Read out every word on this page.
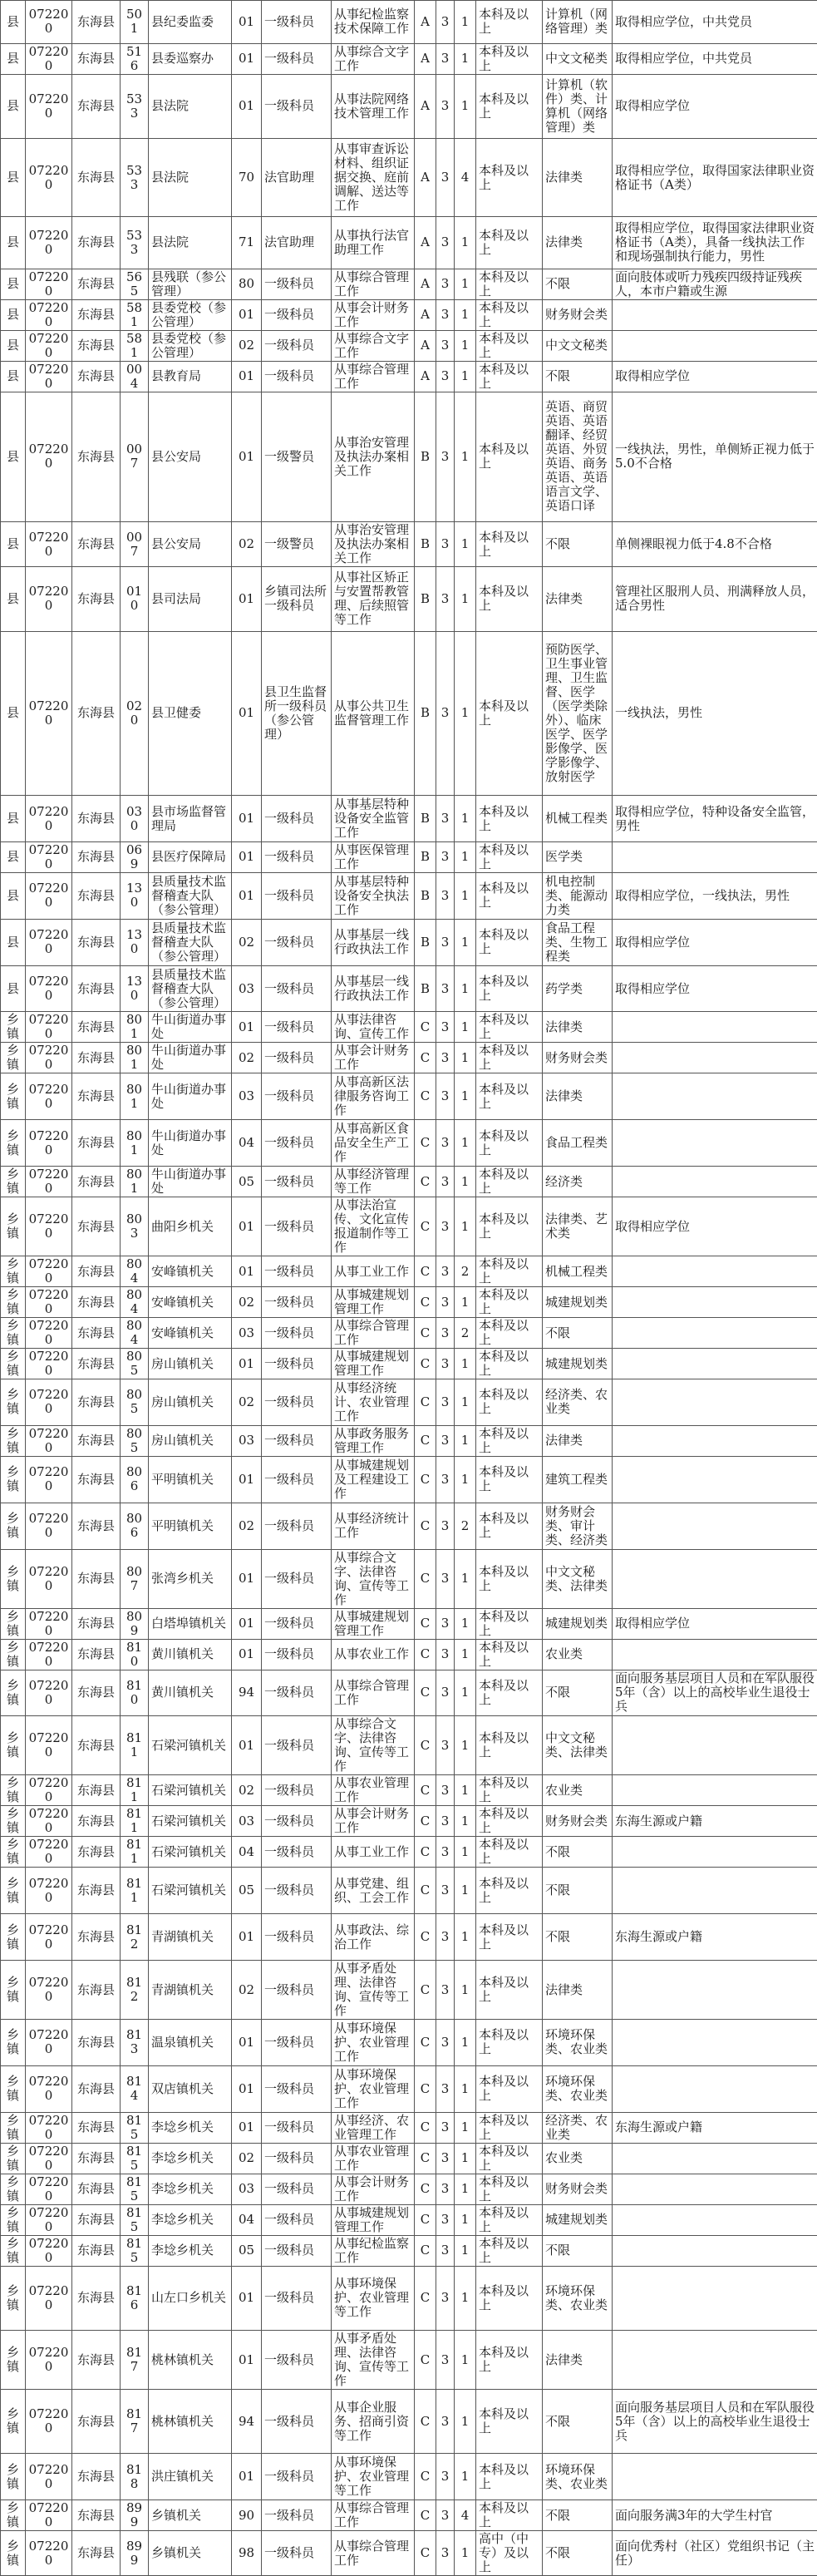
县	072200	东海县	501	县纪委监委	01	一级科员	从事纪检监察技术保障工作	A	3	1	本科及以上	计算机（网络管理）类	取得相应学位，中共党员
县	072200	东海县	516	县委巡察办	01	一级科员	从事综合文字工作	A	3	1	本科及以上	中文文秘类	取得相应学位，中共党员
县	072200	东海县	533	县法院	01	一级科员	从事法院网络技术管理工作	A	3	1	本科及以上	计算机（软件）类、计算机（网络管理）类	取得相应学位
县	072200	东海县	533	县法院	70	法官助理	从事审查诉讼材料、组织证据交换、庭前调解、送达等工作	A	3	4	本科及以上	法律类	取得相应学位，取得国家法律职业资格证书（A类）
县	072200	东海县	533	县法院	71	法官助理	从事执行法官助理工作	A	3	1	本科及以上	法律类	取得相应学位，取得国家法律职业资格证书（A类），具备一线执法工作和现场强制执行能力，男性
县	072200	东海县	565	县残联（参公管理）	80	一级科员	从事综合管理工作	A	3	1	本科及以上	不限	面向肢体或听力残疾四级持证残疾人，本市户籍或生源
县	072200	东海县	581	县委党校（参公管理）	01	一级科员	从事会计财务工作	A	3	1	本科及以上	财务财会类	
县	072200	东海县	581	县委党校（参公管理）	02	一级科员	从事综合文字工作	A	3	1	本科及以上	中文文秘类	
县	072200	东海县	004	县教育局	01	一级科员	从事综合管理工作	A	3	1	本科及以上	不限	取得相应学位
县	072200	东海县	007	县公安局	01	一级警员	从事治安管理及执法办案相关工作	B	3	1	本科及以上	英语、商贸英语、英语翻译、经贸英语、外贸英语、商务英语、英语语言文学、英语口译	一线执法，男性，单侧矫正视力低于5.0不合格
县	072200	东海县	007	县公安局	02	一级警员	从事治安管理及执法办案相关工作	B	3	1	本科及以上	不限	单侧裸眼视力低于4.8不合格
县	072200	东海县	010	县司法局	01	乡镇司法所一级科员	从事社区矫正与安置帮教管理、后续照管等工作	B	3	1	本科及以上	法律类	管理社区服刑人员、刑满释放人员，适合男性
县	072200	东海县	020	县卫健委	01	县卫生监督所一级科员（参公管理）	从事公共卫生监督管理工作	B	3	1	本科及以上	预防医学、卫生事业管理、卫生监督、医学（医学类除外）、临床医学、医学影像学、医学影像学、放射医学	一线执法，男性
县	072200	东海县	030	县市场监督管理局	01	一级科员	从事基层特种设备安全监管工作	B	3	1	本科及以上	机械工程类	取得相应学位，特种设备安全监管，男性
县	072200	东海县	069	县医疗保障局	01	一级科员	从事医保管理工作	B	3	1	本科及以上	医学类	
县	072200	东海县	130	县质量技术监督稽查大队（参公管理）	01	一级科员	从事基层特种设备安全执法工作	B	3	1	本科及以上	机电控制类、能源动力类	取得相应学位，一线执法，男性
县	072200	东海县	130	县质量技术监督稽查大队（参公管理）	02	一级科员	从事基层一线行政执法工作	B	3	1	本科及以上	食品工程类、生物工程类	取得相应学位
县	072200	东海县	130	县质量技术监督稽查大队（参公管理）	03	一级科员	从事基层一线行政执法工作	B	3	1	本科及以上	药学类	取得相应学位
乡镇	072200	东海县	801	牛山街道办事处	01	一级科员	从事法律咨询、宣传工作	C	3	1	本科及以上	法律类	
乡镇	072200	东海县	801	牛山街道办事处	02	一级科员	从事会计财务工作	C	3	1	本科及以上	财务财会类	
乡镇	072200	东海县	801	牛山街道办事处	03	一级科员	从事高新区法律服务咨询工作	C	3	1	本科及以上	法律类	
乡镇	072200	东海县	801	牛山街道办事处	04	一级科员	从事高新区食品安全生产工作	C	3	1	本科及以上	食品工程类	
乡镇	072200	东海县	801	牛山街道办事处	05	一级科员	从事经济管理等工作	C	3	1	本科及以上	经济类	
乡镇	072200	东海县	803	曲阳乡机关	01	一级科员	从事法治宣传、文化宣传报道制作等工作	C	3	1	本科及以上	法律类、艺术类	取得相应学位
乡镇	072200	东海县	804	安峰镇机关	01	一级科员	从事工业工作	C	3	2	本科及以上	机械工程类	
乡镇	072200	东海县	804	安峰镇机关	02	一级科员	从事城建规划管理工作	C	3	1	本科及以上	城建规划类	
乡镇	072200	东海县	804	安峰镇机关	03	一级科员	从事综合管理工作	C	3	2	本科及以上	不限	
乡镇	072200	东海县	805	房山镇机关	01	一级科员	从事城建规划管理工作	C	3	1	本科及以上	城建规划类	
乡镇	072200	东海县	805	房山镇机关	02	一级科员	从事经济统计、农业管理工作	C	3	1	本科及以上	经济类、农业类	
乡镇	072200	东海县	805	房山镇机关	03	一级科员	从事政务服务管理工作	C	3	1	本科及以上	法律类	
乡镇	072200	东海县	806	平明镇机关	01	一级科员	从事城建规划及工程建设工作	C	3	1	本科及以上	建筑工程类	
乡镇	072200	东海县	806	平明镇机关	02	一级科员	从事经济统计工作	C	3	2	本科及以上	财务财会类、审计类、经济类	
乡镇	072200	东海县	807	张湾乡机关	01	一级科员	从事综合文字、法律咨询、宣传等工作	C	3	1	本科及以上	中文文秘类、法律类	
乡镇	072200	东海县	809	白塔埠镇机关	01	一级科员	从事城建规划管理工作	C	3	1	本科及以上	城建规划类	取得相应学位
乡镇	072200	东海县	810	黄川镇机关	01	一级科员	从事农业工作	C	3	1	本科及以上	农业类	
乡镇	072200	东海县	810	黄川镇机关	94	一级科员	从事综合管理工作	C	3	1	本科及以上	不限	面向服务基层项目人员和在军队服役5年（含）以上的高校毕业生退役士兵
乡镇	072200	东海县	811	石梁河镇机关	01	一级科员	从事综合文字、法律咨询、宣传等工作	C	3	1	本科及以上	中文文秘类、法律类	
乡镇	072200	东海县	811	石梁河镇机关	02	一级科员	从事农业管理工作	C	3	1	本科及以上	农业类	
乡镇	072200	东海县	811	石梁河镇机关	03	一级科员	从事会计财务工作	C	3	1	本科及以上	财务财会类	东海生源或户籍
乡镇	072200	东海县	811	石梁河镇机关	04	一级科员	从事工业工作	C	3	1	本科及以上	不限	
乡镇	072200	东海县	811	石梁河镇机关	05	一级科员	从事党建、组织、工会工作	C	3	1	本科及以上	不限	
乡镇	072200	东海县	812	青湖镇机关	01	一级科员	从事政法、综治工作	C	3	1	本科及以上	不限	东海生源或户籍
乡镇	072200	东海县	812	青湖镇机关	02	一级科员	从事矛盾处理、法律咨询、宣传等工作	C	3	1	本科及以上	法律类	
乡镇	072200	东海县	813	温泉镇机关	01	一级科员	从事环境保护、农业管理工作	C	3	1	本科及以上	环境环保类、农业类	
乡镇	072200	东海县	814	双店镇机关	01	一级科员	从事环境保护、农业管理工作	C	3	1	本科及以上	环境环保类、农业类	
乡镇	072200	东海县	815	李埝乡机关	01	一级科员	从事经济、农业管理工作	C	3	1	本科及以上	经济类、农业类	东海生源或户籍
乡镇	072200	东海县	815	李埝乡机关	02	一级科员	从事农业管理工作	C	3	1	本科及以上	农业类	
乡镇	072200	东海县	815	李埝乡机关	03	一级科员	从事会计财务工作	C	3	1	本科及以上	财务财会类	
乡镇	072200	东海县	815	李埝乡机关	04	一级科员	从事城建规划管理工作	C	3	1	本科及以上	城建规划类	
乡镇	072200	东海县	815	李埝乡机关	05	一级科员	从事纪检监察工作	C	3	1	本科及以上	不限	
乡镇	072200	东海县	816	山左口乡机关	01	一级科员	从事环境保护、农业管理等工作	C	3	1	本科及以上	环境环保类、农业类	
乡镇	072200	东海县	817	桃林镇机关	01	一级科员	从事矛盾处理、法律咨询、宣传等工作	C	3	1	本科及以上	法律类	
乡镇	072200	东海县	817	桃林镇机关	94	一级科员	从事企业服务、招商引资等工作	C	3	1	本科及以上	不限	面向服务基层项目人员和在军队服役5年（含）以上的高校毕业生退役士兵
乡镇	072200	东海县	818	洪庄镇机关	01	一级科员	从事环境保护、农业管理等工作	C	3	1	本科及以上	环境环保类、农业类	
乡镇	072200	东海县	899	乡镇机关	90	一级科员	从事综合管理工作	C	3	4	本科及以上	不限	面向服务满3年的大学生村官
乡镇	072200	东海县	899	乡镇机关	98	一级科员	从事综合管理工作	C	3	1	高中（中专）及以上	不限	面向优秀村（社区）党组织书记（主任）
